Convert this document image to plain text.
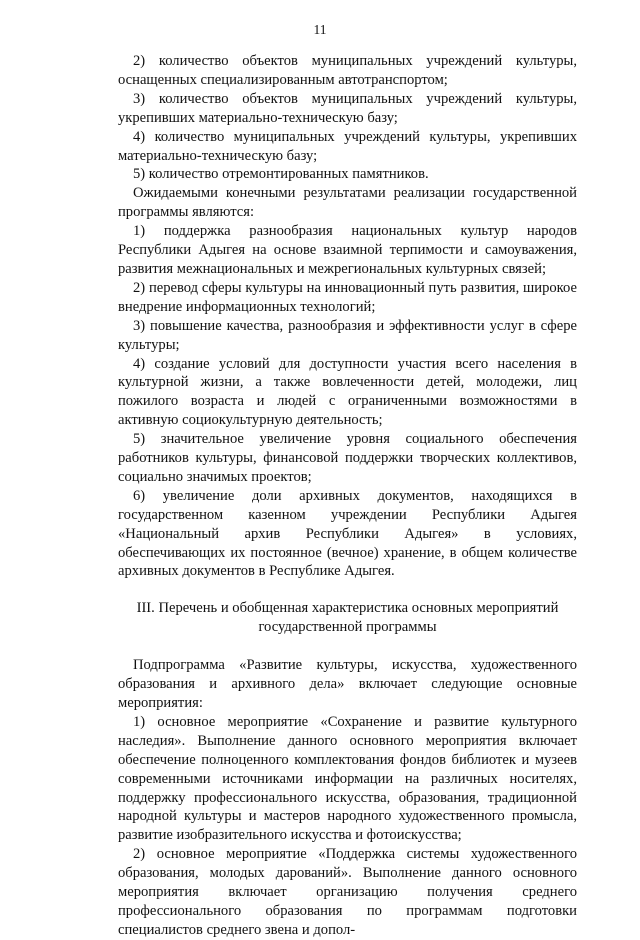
11

2) количество объектов муниципальных учреждений культуры, оснащенных специализированным автотранспортом;

3) количество объектов муниципальных учреждений культуры, укрепивших материально-техническую базу;

4) количество муниципальных учреждений культуры, укрепивших материально-техническую базу;

5) количество отремонтированных памятников.

Ожидаемыми конечными результатами реализации государственной программы являются:

1) поддержка разнообразия национальных культур народов Республики Адыгея на основе взаимной терпимости и самоуважения, развития межнациональных и межрегиональных культурных связей;

2) перевод сферы культуры на инновационный путь развития, широкое внедрение информационных технологий;

3) повышение качества, разнообразия и эффективности услуг в сфере культуры;

4) создание условий для доступности участия всего населения в культурной жизни, а также вовлеченности детей, молодежи, лиц пожилого возраста и людей с ограниченными возможностями в активную социокультурную деятельность;

5) значительное увеличение уровня социального обеспечения работников культуры, финансовой поддержки творческих коллективов, социально значимых проектов;

6) увеличение доли архивных документов, находящихся в государственном казенном учреждении Республики Адыгея «Национальный архив Республики Адыгея» в условиях, обеспечивающих их постоянное (вечное) хранение, в общем количестве архивных документов в Республике Адыгея.

III. Перечень и обобщенная характеристика основных мероприятий
государственной программы

Подпрограмма «Развитие культуры, искусства, художественного образования и архивного дела» включает следующие основные мероприятия:

1) основное мероприятие «Сохранение и развитие культурного наследия». Выполнение данного основного мероприятия включает обеспечение полноценного комплектования фондов библиотек и музеев современными источниками информации на различных носителях, поддержку профессионального искусства, образования, традиционной народной культуры и мастеров народного художественного промысла, развитие изобразительного искусства и фотоискусства;

2) основное мероприятие «Поддержка системы художественного образования, молодых дарований». Выполнение данного основного мероприятия включает организацию получения среднего профессионального образования по программам подготовки специалистов среднего звена и допол-
